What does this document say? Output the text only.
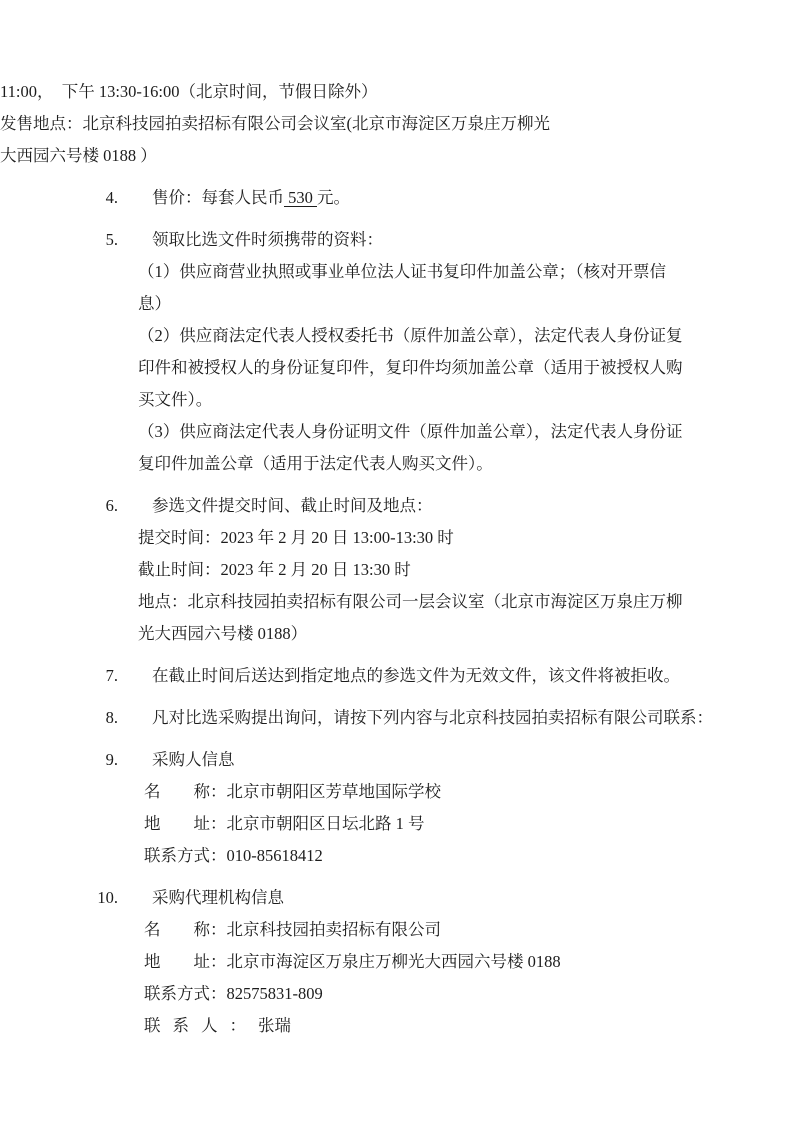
11:00，  下午 13:30-16:00（北京时间，节假日除外）

发售地点：北京科技园拍卖招标有限公司会议室(北京市海淀区万泉庄万柳光

大西园六号楼 0188 ）

4. 售价：每套人民币 530 元。

5. 领取比选文件时须携带的资料：

（1）供应商营业执照或事业单位法人证书复印件加盖公章；（核对开票信

息）

（2）供应商法定代表人授权委托书（原件加盖公章），法定代表人身份证复

印件和被授权人的身份证复印件，复印件均须加盖公章（适用于被授权人购

买文件）。

（3）供应商法定代表人身份证明文件（原件加盖公章），法定代表人身份证

复印件加盖公章（适用于法定代表人购买文件）。

6. 参选文件提交时间、截止时间及地点：

提交时间：2023 年 2 月 20 日 13:00-13:30 时

截止时间：2023 年 2 月 20 日 13:30 时

地点：北京科技园拍卖招标有限公司一层会议室（北京市海淀区万泉庄万柳

光大西园六号楼 0188）

7. 在截止时间后送达到指定地点的参选文件为无效文件，该文件将被拒收。

8. 凡对比选采购提出询问，请按下列内容与北京科技园拍卖招标有限公司联系：

9. 采购人信息

名　　称：北京市朝阳区芳草地国际学校

地　　址：北京市朝阳区日坛北路 1 号

联系方式：010-85618412

10. 采购代理机构信息

名　　称：北京科技园拍卖招标有限公司

地　　址：北京市海淀区万泉庄万柳光大西园六号楼 0188

联系方式：82575831-809

联系人：张瑞
